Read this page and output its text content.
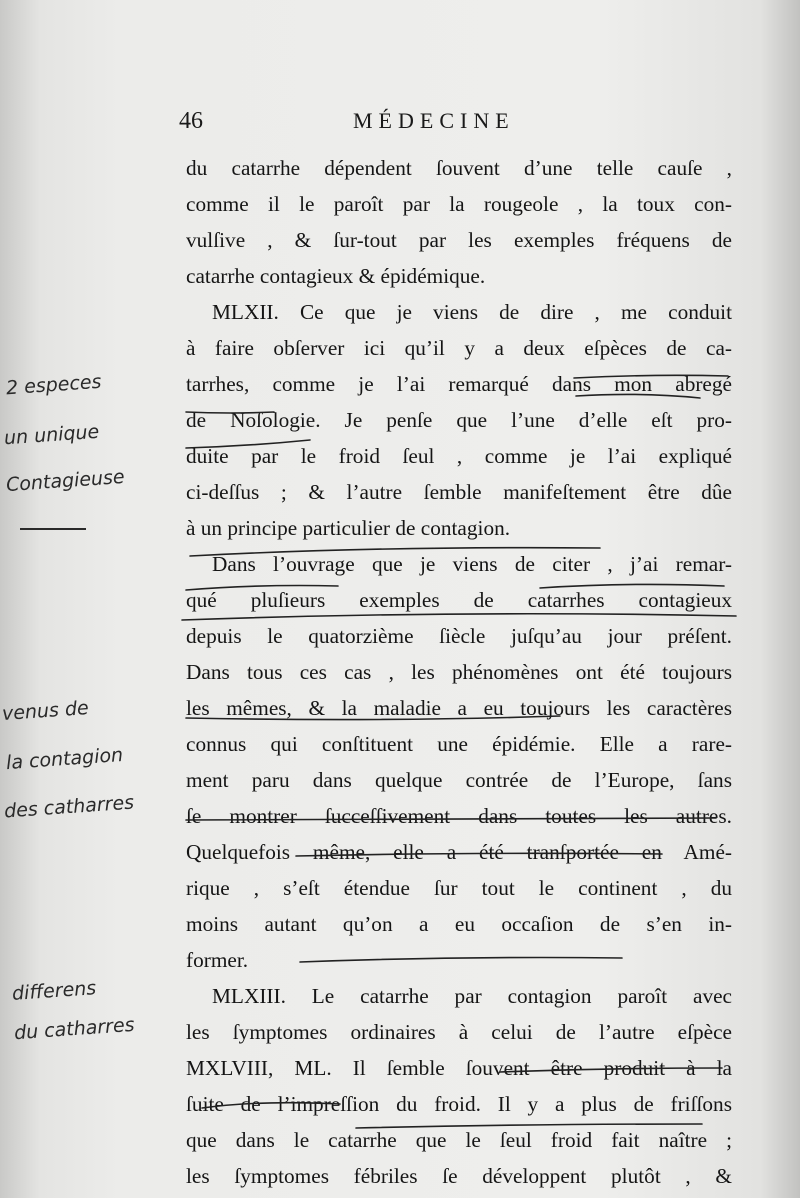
46	MÉDECINE
du catarrhe dépendent ſouvent d’une telle cauſe ,
comme il le paroît par la rougeole , la toux con-
vulſive , & ſur-tout par les exemples fréquens de
catarrhe contagieux & épidémique.
MLXII. Ce que je viens de dire , me conduit
à faire obſerver ici qu’il y a deux eſpèces de ca-
tarrhes, comme je l’ai remarqué dans mon abregé
de Noſologie. Je penſe que l’une d’elle eſt pro-
duite par le froid ſeul , comme je l’ai expliqué
ci-deſſus ; & l’autre ſemble manifeſtement être dûe
à un principe particulier de contagion.
Dans l’ouvrage que je viens de citer , j’ai remar-
qué pluſieurs exemples de catarrhes contagieux
depuis le quatorzième ſiècle juſqu’au jour préſent.
Dans tous ces cas , les phénomènes ont été toujours
les mêmes, & la maladie a eu toujours les caractères
connus qui conſtituent une épidémie. Elle a rare-
ment paru dans quelque contrée de l’Europe, ſans
ſe montrer ſucceſſivement dans toutes les autres.
Quelquefois même, elle a été tranſportée en Amé-
rique , s’eſt étendue ſur tout le continent , du
moins autant qu’on a eu occaſion de s’en in-
former.
MLXIII. Le catarrhe par contagion paroît avec
les ſymptomes ordinaires à celui de l’autre eſpèce
MXLVIII, ML. Il ſemble ſouvent être produit à la
ſuite de l’impreſſion du froid. Il y a plus de friſſons
que dans le catarrhe que le ſeul froid fait naître ;
les ſymptomes fébriles ſe développent plutôt , &
2 especes
un unique
Contagieuse
venus de
la contagion
des catharres
differens
du catharres
